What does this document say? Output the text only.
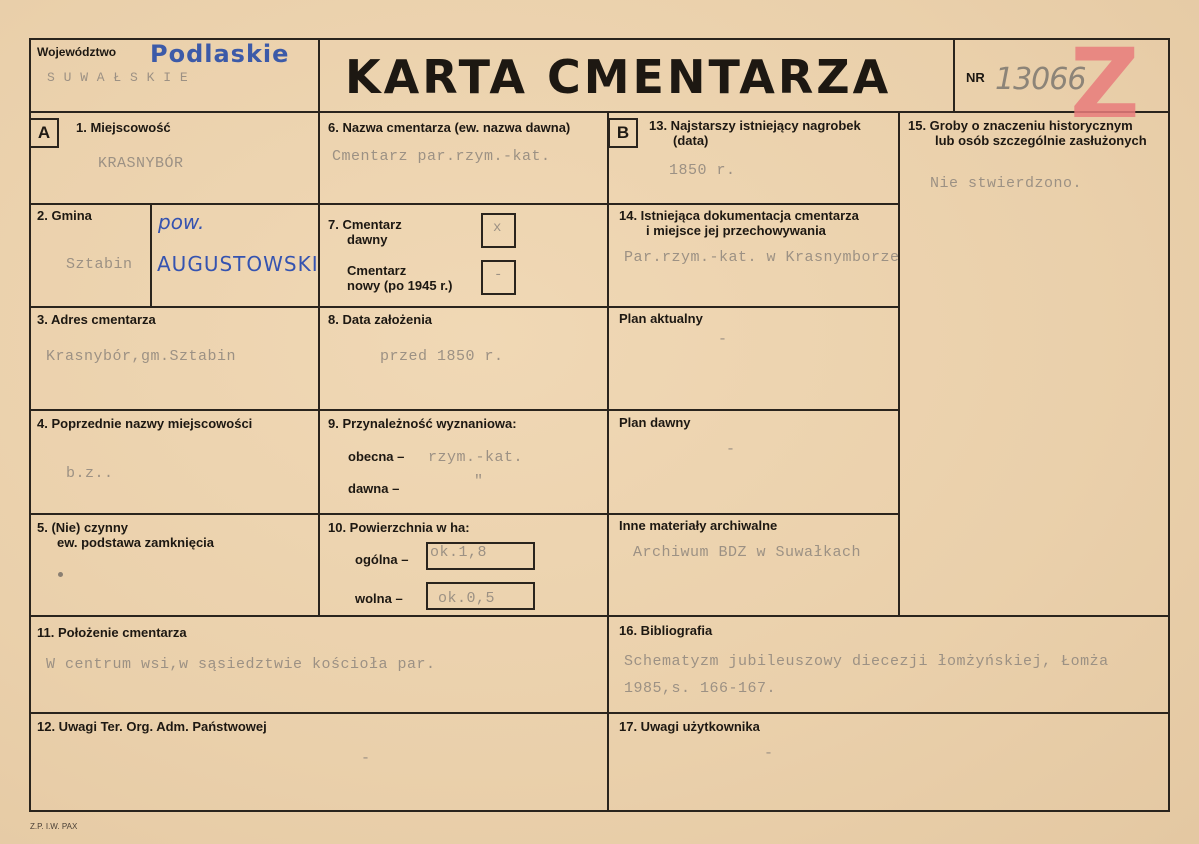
Województwo Podlaskie
S U W A Ł S K I E	KARTA CMENTARZA	NR 13066
Z
A	B
1. Miejscowość
KRASNYBÓR
2. Gmina
Sztabin
pow.
AUGUSTOWSKI
3. Adres cmentarza
Krasnybór,gm.Sztabin
4. Poprzednie nazwy miejscowości
b.z..
5. (Nie) czynny
ew. podstawa zamknięcia
6. Nazwa cmentarza (ew. nazwa dawna)
Cmentarz par.rzym.-kat.
7. Cmentarz
dawny
x
Cmentarz
nowy (po 1945 r.)
-
8. Data założenia
przed 1850 r.
9. Przynależność wyznaniowa:
obecna – rzym.-kat.
dawna –	"
10. Powierzchnia w ha:
ogólna – ok.1,8
wolna – ok.0,5
11. Położenie cmentarza
W centrum wsi,w sąsiedztwie kościoła par.
12. Uwagi Ter. Org. Adm. Państwowej
-
13. Najstarszy istniejący nagrobek
(data)
1850 r.
14. Istniejąca dokumentacja cmentarza
i miejsce jej przechowywania
Par.rzym.-kat. w Krasnymborze
Plan aktualny
-
Plan dawny
-
Inne materiały archiwalne
Archiwum BDZ w Suwałkach
15. Groby o znaczeniu historycznym
lub osób szczególnie zasłużonych
Nie stwierdzono.
16. Bibliografia
Schematyzm jubileuszowy diecezji łomżyńskiej, Łomża
1985,s. 166-167.
17. Uwagi użytkownika
-
Z.P. I.W. PAX
